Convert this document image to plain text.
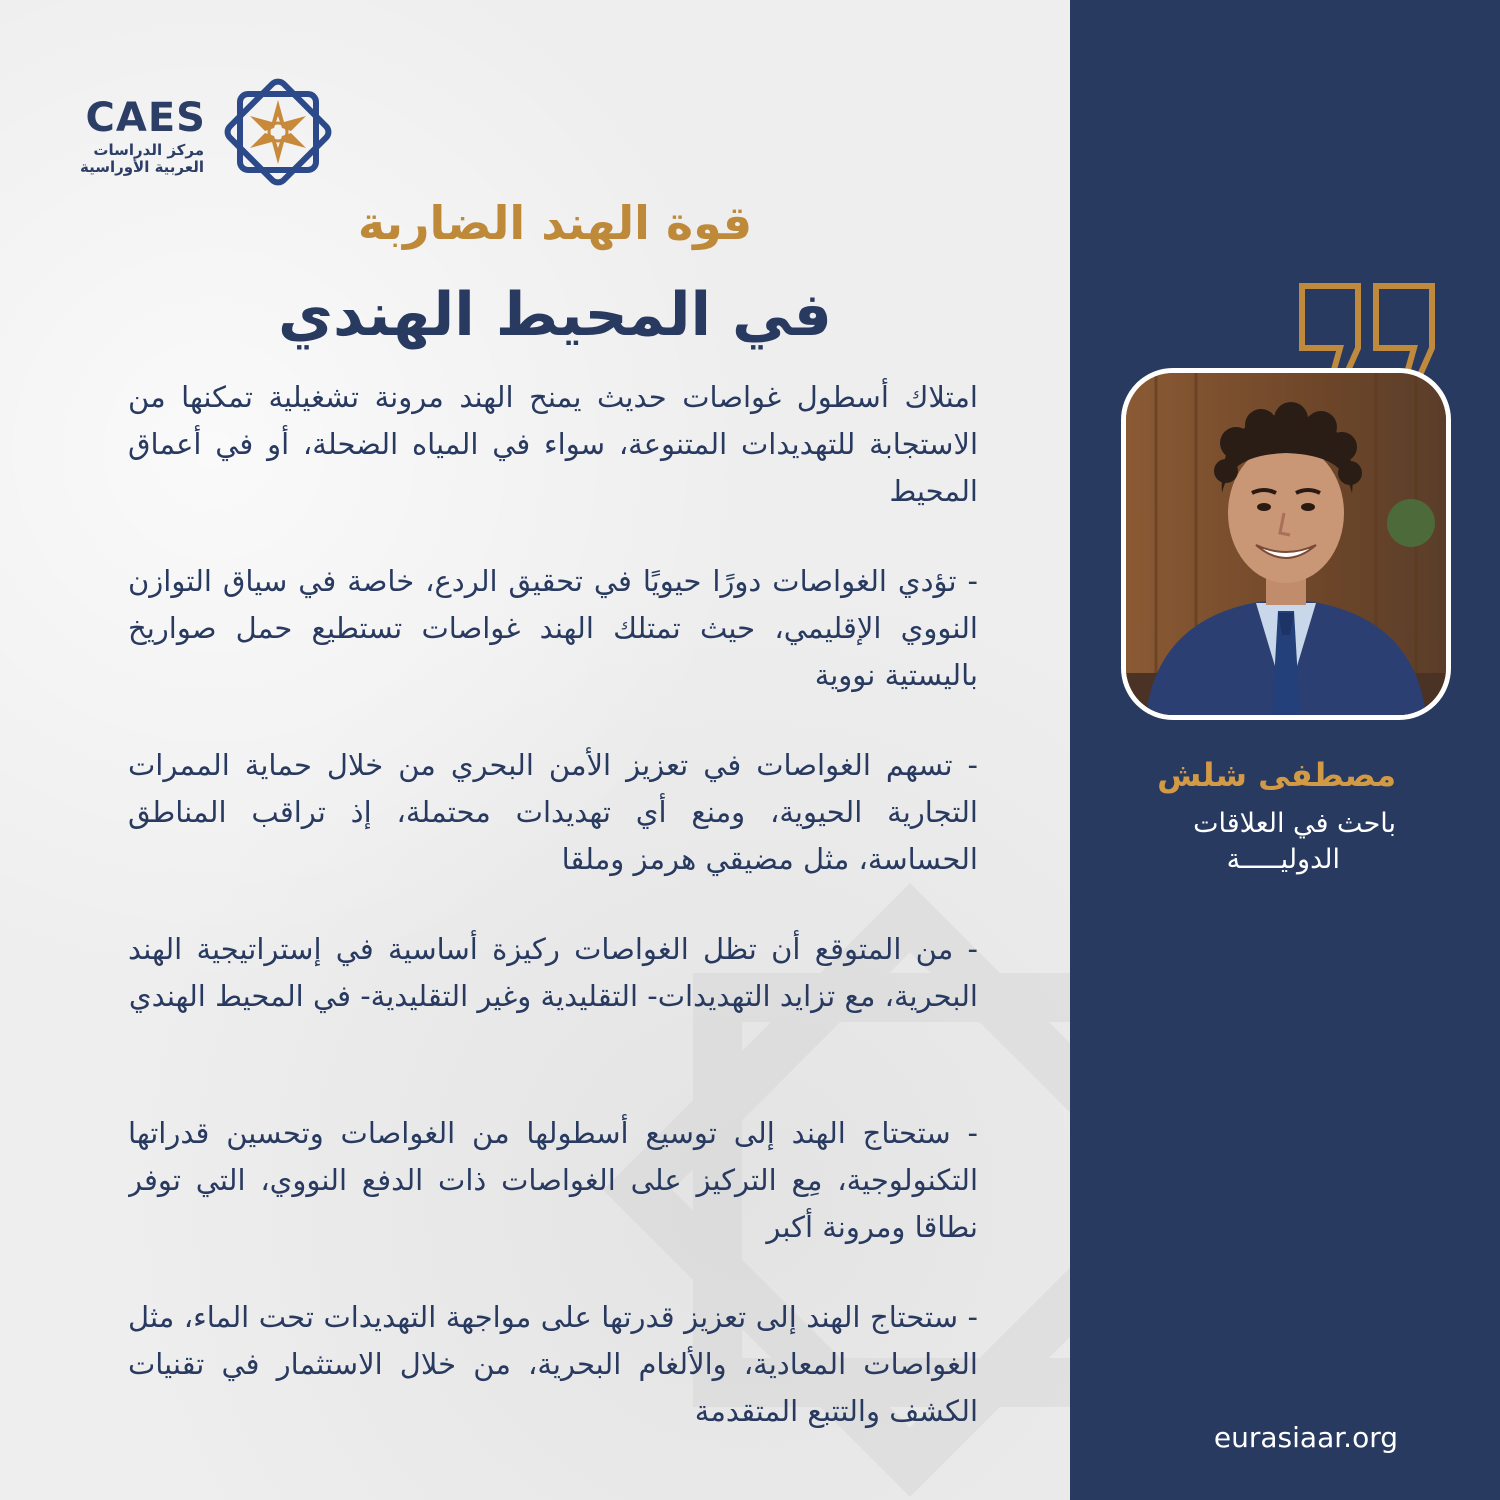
CAES
مركز الدراسات
العربية الأوراسية
قوة الهند الضاربة
في المحيط الهندي

امتلاك أسطول غواصات حديث يمنح الهند مرونة تشغيلية تمكنها من الاستجابة للتهديدات المتنوعة، سواء في المياه الضحلة، أو في أعماق المحيط

- تؤدي الغواصات دورًا حيويًا في تحقيق الردع، خاصة في سياق التوازن النووي الإقليمي، حيث تمتلك الهند غواصات تستطيع حمل صواريخ باليستية نووية

- تسهم الغواصات في تعزيز الأمن البحري من خلال حماية الممرات التجارية الحيوية، ومنع أي تهديدات محتملة، إذ تراقب المناطق الحساسة، مثل مضيقي هرمز وملقا

- من المتوقع أن تظل الغواصات ركيزة أساسية في إستراتيجية الهند البحرية، مع تزايد التهديدات- التقليدية وغير التقليدية- في المحيط الهندي

- ستحتاج الهند إلى توسيع أسطولها من الغواصات وتحسين قدراتها التكنولوجية، مِع التركيز على الغواصات ذات الدفع النووي، التي توفر نطاقا ومرونة أكبر

- ستحتاج الهند إلى تعزيز قدرتها على مواجهة التهديدات تحت الماء، مثل الغواصات المعادية، والألغام البحرية، من خلال الاستثمار في تقنيات الكشف والتتبع المتقدمة

مصطفى شلش
باحث في العلاقات
الدوليـــــة
eurasiaar.org
